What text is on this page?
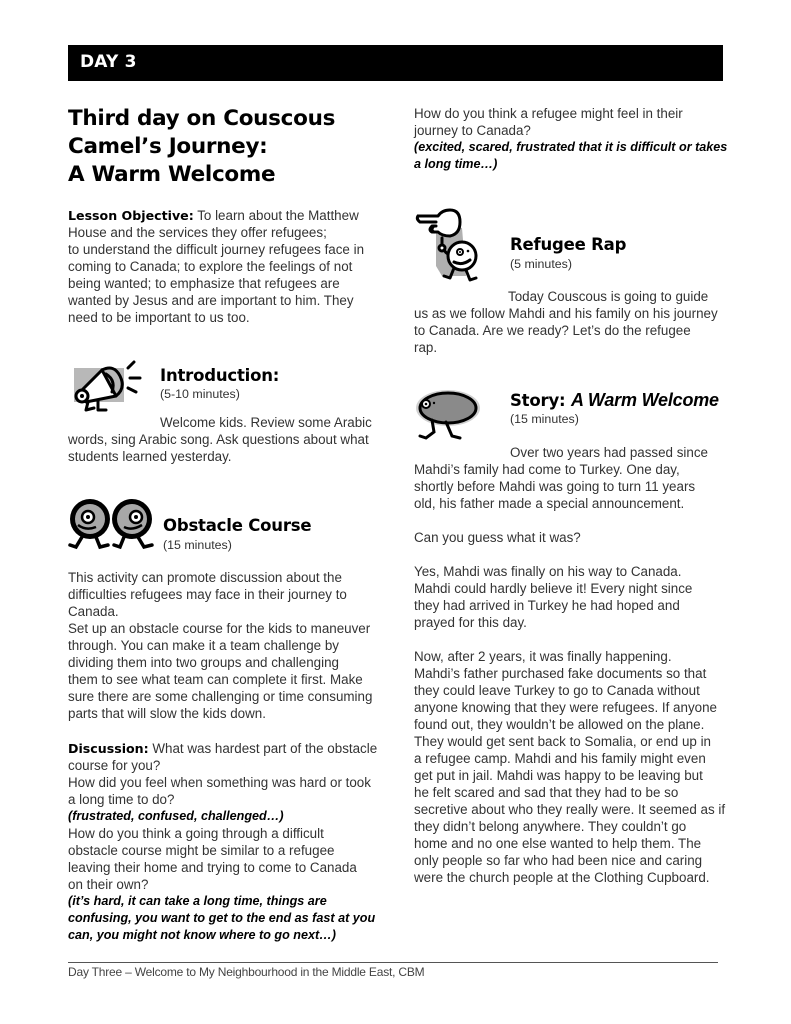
DAY 3
Third day on Couscous
Camel’s Journey:
A Warm Welcome

Lesson Objective: To learn about the Matthew

House and the services they offer refugees;

to understand the difficult journey refugees face in

coming to Canada; to explore the feelings of not

being wanted; to emphasize that refugees are

wanted by Jesus and are important to him. They

need to be important to us too.

Introduction:
(5-10 minutes)

Welcome kids. Review some Arabic

words, sing Arabic song. Ask questions about what

students learned yesterday.

Obstacle Course
(15 minutes)

This activity can promote discussion about the

difficulties refugees may face in their journey to

Canada.

Set up an obstacle course for the kids to maneuver

through. You can make it a team challenge by

dividing them into two groups and challenging

them to see what team can complete it first. Make

sure there are some challenging or time consuming

parts that will slow the kids down.

Discussion: What was hardest part of the obstacle

course for you?

How did you feel when something was hard or took

a long time to do?

(frustrated, confused, challenged…)

How do you think a going through a difficult

obstacle course might be similar to a refugee

leaving their home and trying to come to Canada

on their own?

(it’s hard, it can take a long time, things are

confusing, you want to get to the end as fast at you

can, you might not know where to go next…)

How do you think a refugee might feel in their

journey to Canada?

(excited, scared, frustrated that it is difficult or takes

a long time…)

Refugee Rap
(5 minutes)

Today Couscous is going to guide

us as we follow Mahdi and his family on his journey

to Canada. Are we ready? Let’s do the refugee

rap.

Story: A Warm Welcome
(15 minutes)

Over two years had passed since

Mahdi’s family had come to Turkey. One day,

shortly before Mahdi was going to turn 11 years

old, his father made a special announcement.

Can you guess what it was?

Yes, Mahdi was finally on his way to Canada.

Mahdi could hardly believe it! Every night since

they had arrived in Turkey he had hoped and

prayed for this day.

Now, after 2 years, it was finally happening.

Mahdi’s father purchased fake documents so that

they could leave Turkey to go to Canada without

anyone knowing that they were refugees. If anyone

found out, they wouldn’t be allowed on the plane.

They would get sent back to Somalia, or end up in

a refugee camp. Mahdi and his family might even

get put in jail. Mahdi was happy to be leaving but

he felt scared and sad that they had to be so

secretive about who they really were. It seemed as if

they didn’t belong anywhere. They couldn’t go

home and no one else wanted to help them. The

only people so far who had been nice and caring

were the church people at the Clothing Cupboard.

Day Three – Welcome to My Neighbourhood in the Middle East, CBM
